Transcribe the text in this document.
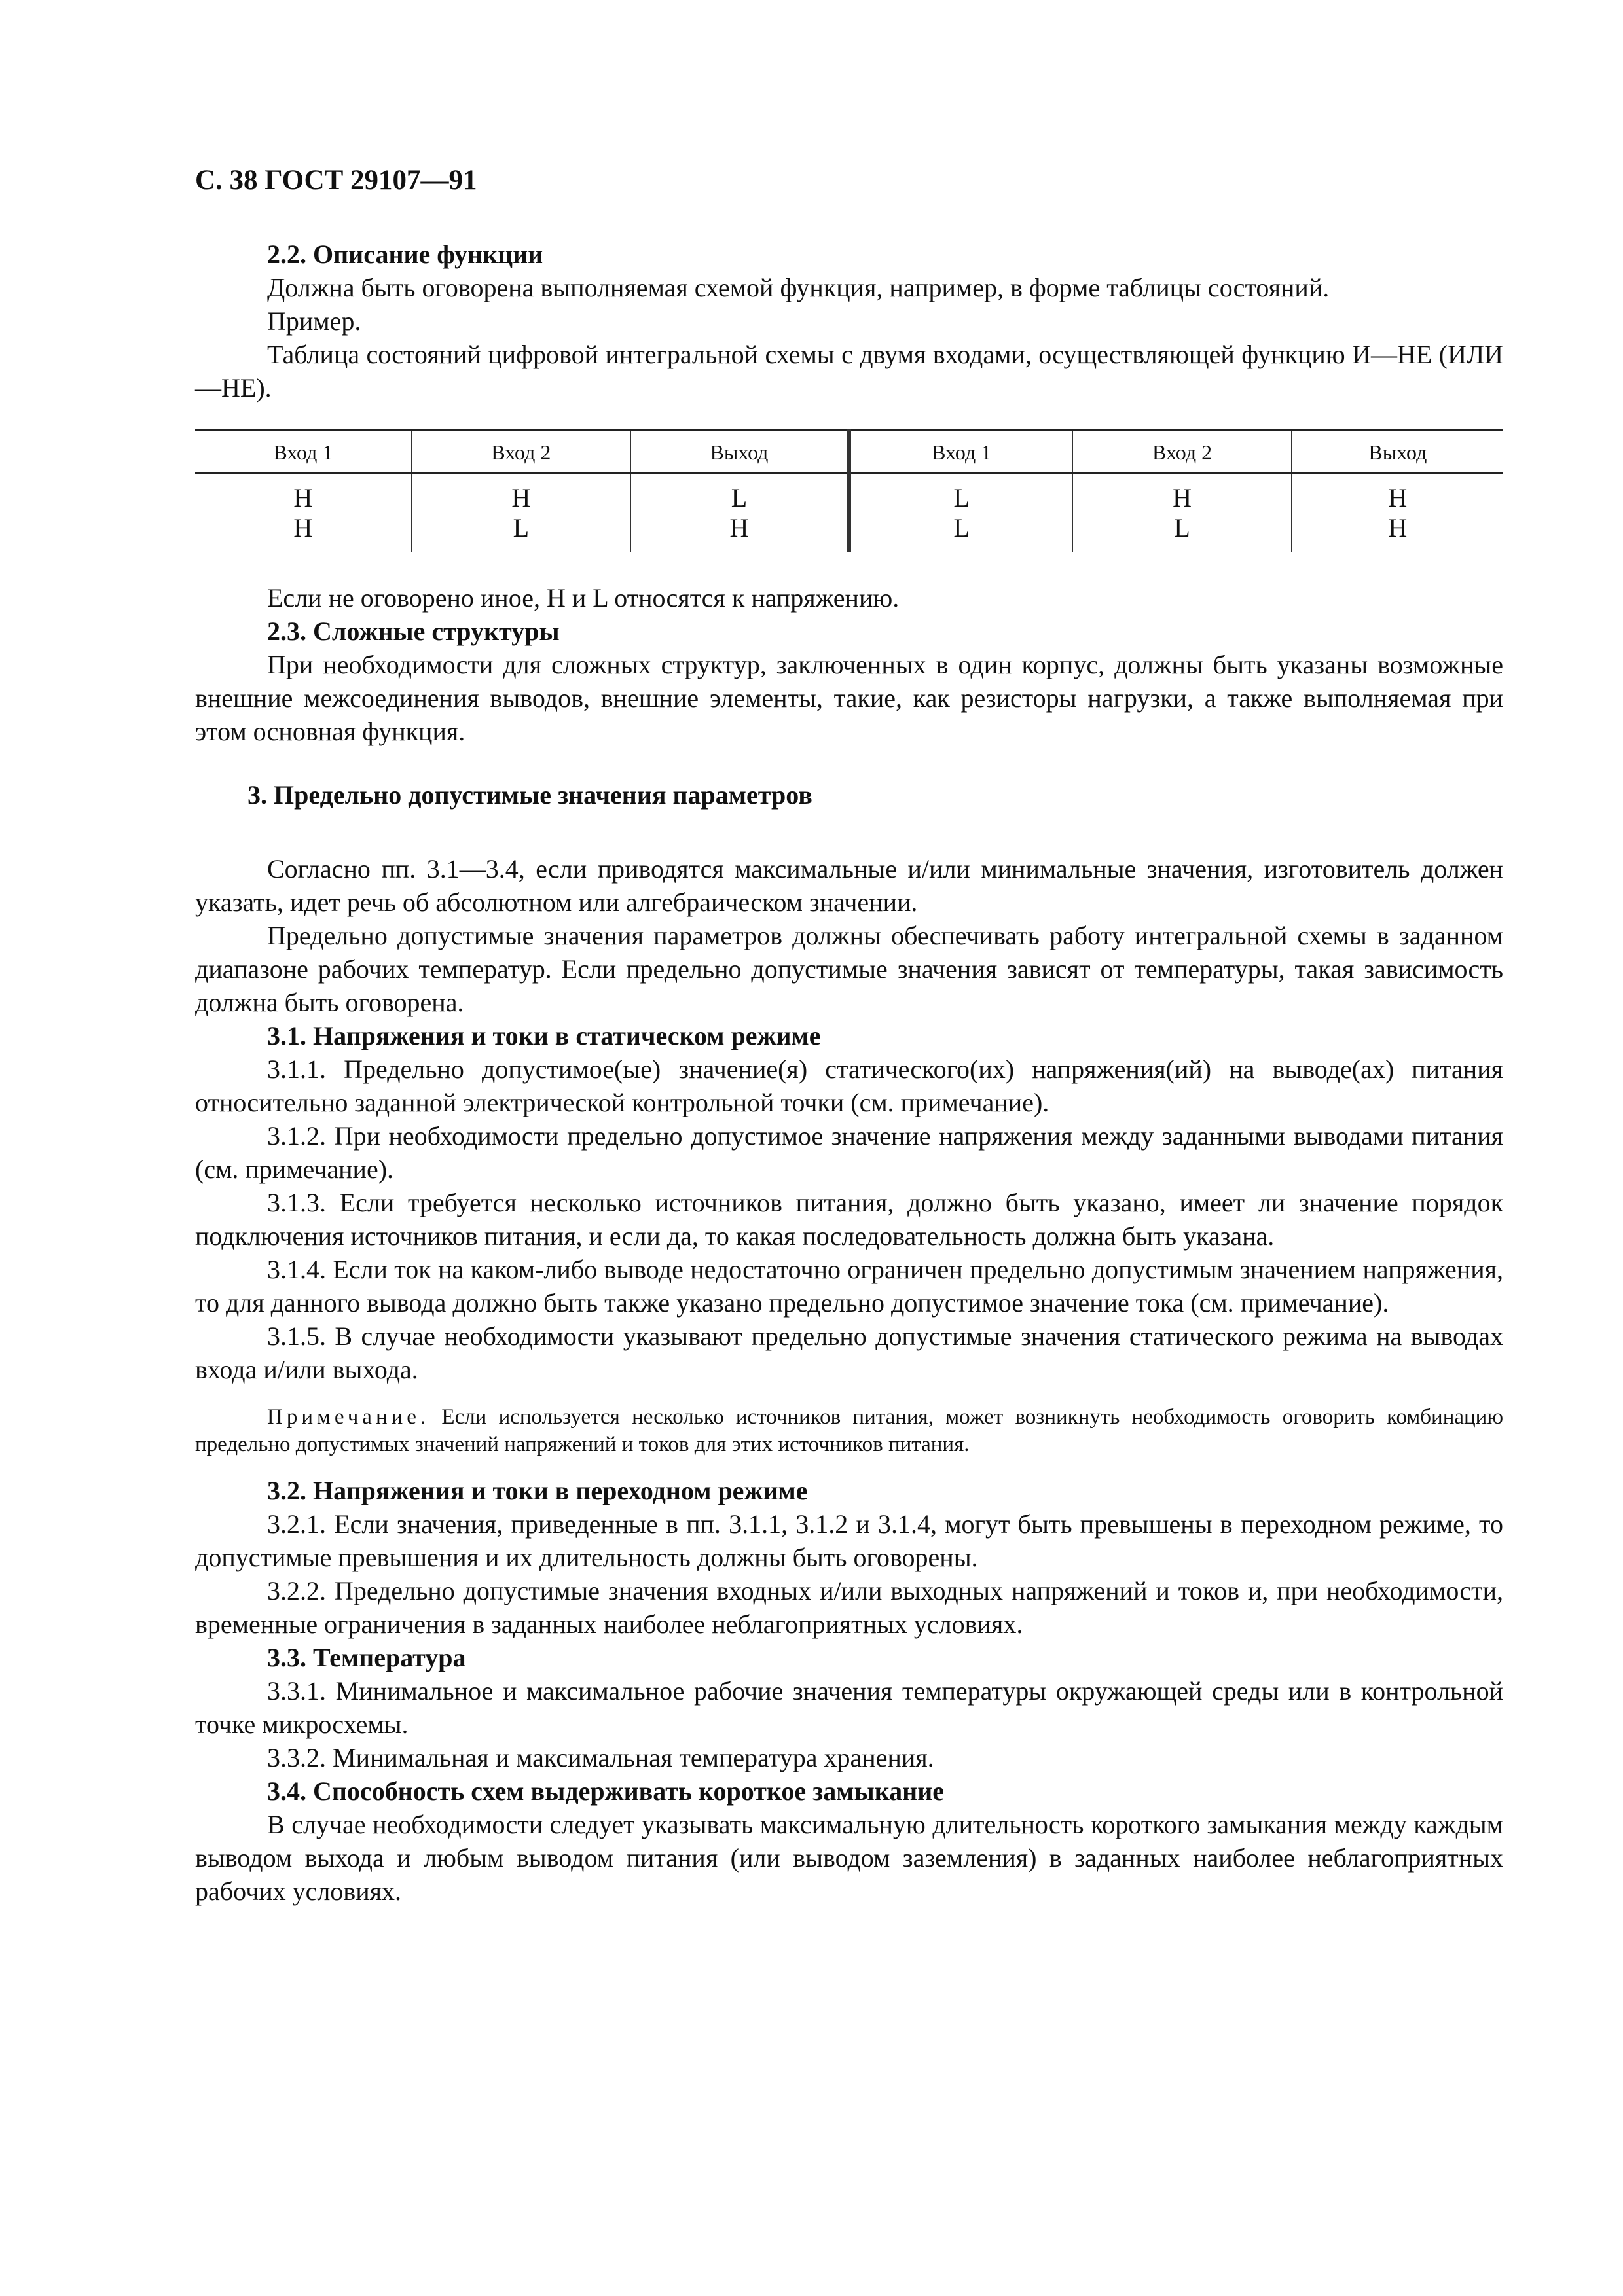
С. 38 ГОСТ 29107—91

2.2. Описание функции

Должна быть оговорена выполняемая схемой функция, например, в форме таблицы состояний.

Пример.

Таблица состояний цифровой интегральной схемы с двумя входами, осуществляющей функцию И—НЕ (ИЛИ—НЕ).

Вход 1	Вход 2	Выход	Вход 1	Вход 2	Выход
H	H	L	L	H	H
H	L	H	L	L	H

Если не оговорено иное, H и L относятся к напряжению.

2.3. Сложные структуры

При необходимости для сложных структур, заключенных в один корпус, должны быть указаны возможные внешние межсоединения выводов, внешние элементы, такие, как резисторы нагрузки, а также выполняемая при этом основная функция.

3. Предельно допустимые значения параметров

Согласно пп. 3.1—3.4, если приводятся максимальные и/или минимальные значения, изготовитель должен указать, идет речь об абсолютном или алгебраическом значении.

Предельно допустимые значения параметров должны обеспечивать работу интегральной схемы в заданном диапазоне рабочих температур. Если предельно допустимые значения зависят от температуры, такая зависимость должна быть оговорена.

3.1. Напряжения и токи в статическом режиме

3.1.1. Предельно допустимое(ые) значение(я) статического(их) напряжения(ий) на выводе(ах) питания относительно заданной электрической контрольной точки (см. примечание).

3.1.2. При необходимости предельно допустимое значение напряжения между заданными выводами питания (см. примечание).

3.1.3. Если требуется несколько источников питания, должно быть указано, имеет ли значение порядок подключения источников питания, и если да, то какая последовательность должна быть указана.

3.1.4. Если ток на каком-либо выводе недостаточно ограничен предельно допустимым значением напряжения, то для данного вывода должно быть также указано предельно допустимое значение тока (см. примечание).

3.1.5. В случае необходимости указывают предельно допустимые значения статического режима на выводах входа и/или выхода.

Примечание. Если используется несколько источников питания, может возникнуть необходимость оговорить комбинацию предельно допустимых значений напряжений и токов для этих источников питания.

3.2. Напряжения и токи в переходном режиме

3.2.1. Если значения, приведенные в пп. 3.1.1, 3.1.2 и 3.1.4, могут быть превышены в переходном режиме, то допустимые превышения и их длительность должны быть оговорены.

3.2.2. Предельно допустимые значения входных и/или выходных напряжений и токов и, при необходимости, временные ограничения в заданных наиболее неблагоприятных условиях.

3.3. Температура

3.3.1. Минимальное и максимальное рабочие значения температуры окружающей среды или в контрольной точке микросхемы.

3.3.2. Минимальная и максимальная температура хранения.

3.4. Способность схем выдерживать короткое замыкание

В случае необходимости следует указывать максимальную длительность короткого замыкания между каждым выводом выхода и любым выводом питания (или выводом заземления) в заданных наиболее неблагоприятных рабочих условиях.
